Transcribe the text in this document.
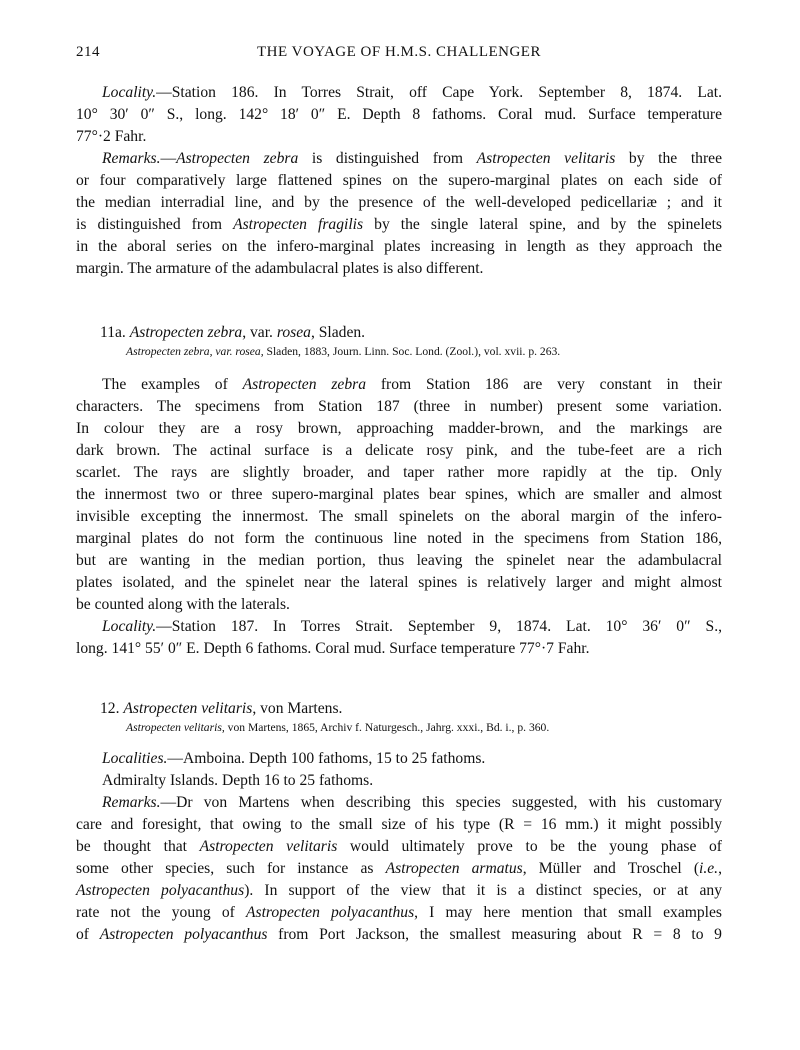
214	THE VOYAGE OF H.M.S. CHALLENGER
Locality.—Station 186. In Torres Strait, off Cape York. September 8, 1874. Lat.
10° 30′ 0″ S., long. 142° 18′ 0″ E. Depth 8 fathoms. Coral mud. Surface temperature
77°·2 Fahr.
Remarks.—Astropecten zebra is distinguished from Astropecten velitaris by the three
or four comparatively large flattened spines on the supero-marginal plates on each side of
the median interradial line, and by the presence of the well-developed pedicellariæ ; and it
is distinguished from Astropecten fragilis by the single lateral spine, and by the spinelets
in the aboral series on the infero-marginal plates increasing in length as they approach the
margin. The armature of the adambulacral plates is also different.
11a. Astropecten zebra, var. rosea, Sladen.
Astropecten zebra, var. rosea, Sladen, 1883, Journ. Linn. Soc. Lond. (Zool.), vol. xvii. p. 263.
The examples of Astropecten zebra from Station 186 are very constant in their
characters. The specimens from Station 187 (three in number) present some variation.
In colour they are a rosy brown, approaching madder-brown, and the markings are
dark brown. The actinal surface is a delicate rosy pink, and the tube-feet are a rich
scarlet. The rays are slightly broader, and taper rather more rapidly at the tip. Only
the innermost two or three supero-marginal plates bear spines, which are smaller and almost
invisible excepting the innermost. The small spinelets on the aboral margin of the infero-
marginal plates do not form the continuous line noted in the specimens from Station 186,
but are wanting in the median portion, thus leaving the spinelet near the adambulacral
plates isolated, and the spinelet near the lateral spines is relatively larger and might almost
be counted along with the laterals.
Locality.—Station 187. In Torres Strait. September 9, 1874. Lat. 10° 36′ 0″ S.,
long. 141° 55′ 0″ E. Depth 6 fathoms. Coral mud. Surface temperature 77°·7 Fahr.
12. Astropecten velitaris, von Martens.
Astropecten velitaris, von Martens, 1865, Archiv f. Naturgesch., Jahrg. xxxi., Bd. i., p. 360.
Localities.—Amboina. Depth 100 fathoms, 15 to 25 fathoms.
Admiralty Islands. Depth 16 to 25 fathoms.
Remarks.—Dr von Martens when describing this species suggested, with his customary
care and foresight, that owing to the small size of his type (R = 16 mm.) it might possibly
be thought that Astropecten velitaris would ultimately prove to be the young phase of
some other species, such for instance as Astropecten armatus, Müller and Troschel (i.e.,
Astropecten polyacanthus). In support of the view that it is a distinct species, or at any
rate not the young of Astropecten polyacanthus, I may here mention that small examples
of Astropecten polyacanthus from Port Jackson, the smallest measuring about R = 8 to 9
